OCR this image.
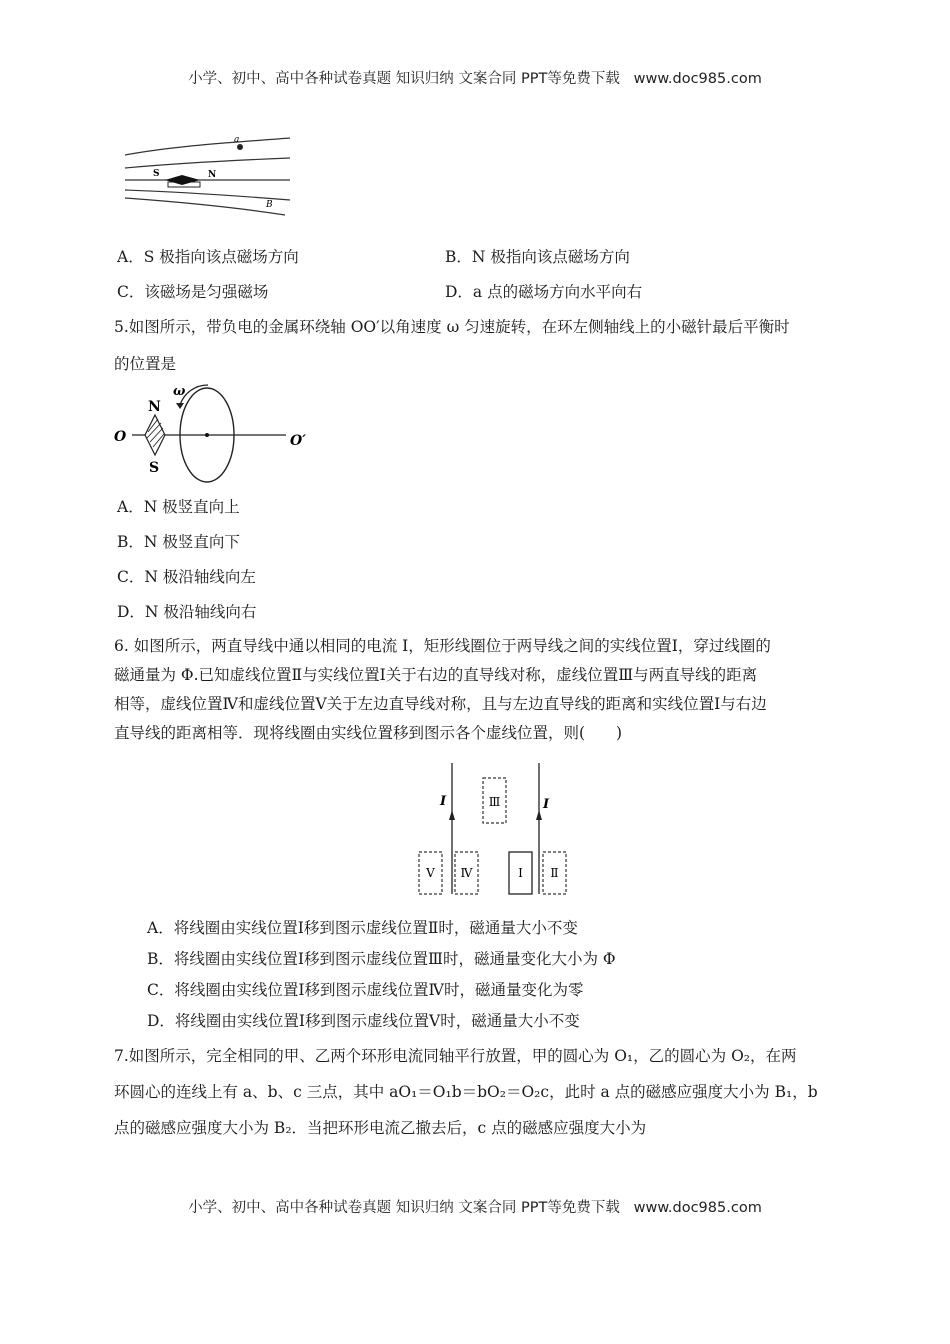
小学、初中、高中各种试卷真题 知识归纳 文案合同 PPT等免费下载 www.doc985.com
a
S	N
B
A．S 极指向该点磁场方向	B．N 极指向该点磁场方向
C．该磁场是匀强磁场	D．a 点的磁场方向水平向右
5.如图所示，带负电的金属环绕轴 OO′以角速度 ω 匀速旋转，在环左侧轴线上的小磁针最后平衡时
的位置是
ω
N
S
O	O′
A．N 极竖直向上
B．N 极竖直向下
C．N 极沿轴线向左
D．N 极沿轴线向右
6. 如图所示，两直导线中通以相同的电流 I，矩形线圈位于两导线之间的实线位置Ⅰ，穿过线圈的
磁通量为 Φ.已知虚线位置Ⅱ与实线位置Ⅰ关于右边的直导线对称，虚线位置Ⅲ与两直导线的距离
相等，虚线位置Ⅳ和虚线位置Ⅴ关于左边直导线对称，且与左边直导线的距离和实线位置Ⅰ与右边
直导线的距离相等．现将线圈由实线位置移到图示各个虚线位置，则(　　)
I	I
Ⅲ
Ⅴ Ⅳ	Ⅰ Ⅱ
A．将线圈由实线位置Ⅰ移到图示虚线位置Ⅱ时，磁通量大小不变
B．将线圈由实线位置Ⅰ移到图示虚线位置Ⅲ时，磁通量变化大小为 Φ
C．将线圈由实线位置Ⅰ移到图示虚线位置Ⅳ时，磁通量变化为零
D．将线圈由实线位置Ⅰ移到图示虚线位置Ⅴ时，磁通量大小不变
7.如图所示，完全相同的甲、乙两个环形电流同轴平行放置，甲的圆心为 O₁，乙的圆心为 O₂，在两
环圆心的连线上有 a、b、c 三点，其中 aO₁＝O₁b＝bO₂＝O₂c，此时 a 点的磁感应强度大小为 B₁，b
点的磁感应强度大小为 B₂．当把环形电流乙撤去后，c 点的磁感应强度大小为
小学、初中、高中各种试卷真题 知识归纳 文案合同 PPT等免费下载 www.doc985.com
